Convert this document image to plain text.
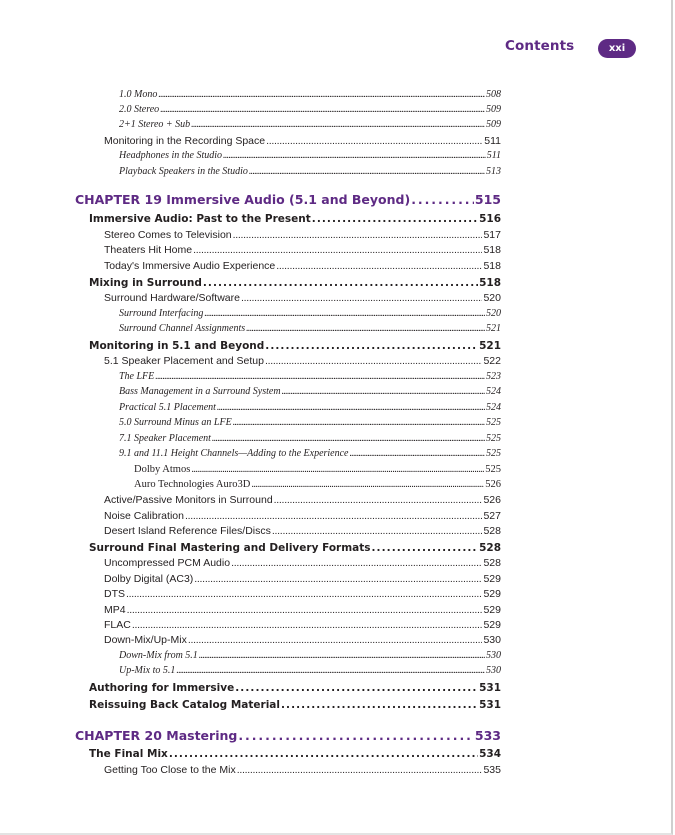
Contents	xxi
1.0 Mono . . .	508
2.0 Stereo . . .	509
2+1 Stereo + Sub . . .	509
Monitoring in the Recording Space . . .	511
Headphones in the Studio . . .	511
Playback Speakers in the Studio . . .	513
CHAPTER 19 Immersive Audio (5.1 and Beyond) . . .	515
Immersive Audio: Past to the Present . . .	516
Stereo Comes to Television . . .	517
Theaters Hit Home . . .	518
Today's Immersive Audio Experience . . .	518
Mixing in Surround . . .	518
Surround Hardware/Software . . .	520
Surround Interfacing . . .	520
Surround Channel Assignments . . .	521
Monitoring in 5.1 and Beyond . . .	521
5.1 Speaker Placement and Setup . . .	522
The LFE . . .	523
Bass Management in a Surround System . . .	524
Practical 5.1 Placement . . .	524
5.0 Surround Minus an LFE . . .	525
7.1 Speaker Placement . . .	525
9.1 and 11.1 Height Channels—Adding to the Experience . . .	525
Dolby Atmos . . .	525
Auro Technologies Auro3D . . .	526
Active/Passive Monitors in Surround . . .	526
Noise Calibration . . .	527
Desert Island Reference Files/Discs . . .	528
Surround Final Mastering and Delivery Formats . . .	528
Uncompressed PCM Audio . . .	528
Dolby Digital (AC3) . . .	529
DTS . . .	529
MP4 . . .	529
FLAC . . .	529
Down-Mix/Up-Mix . . .	530
Down-Mix from 5.1 . . .	530
Up-Mix to 5.1 . . .	530
Authoring for Immersive . . .	531
Reissuing Back Catalog Material . . .	531
CHAPTER 20 Mastering . . .	533
The Final Mix . . .	534
Getting Too Close to the Mix . . .	535
